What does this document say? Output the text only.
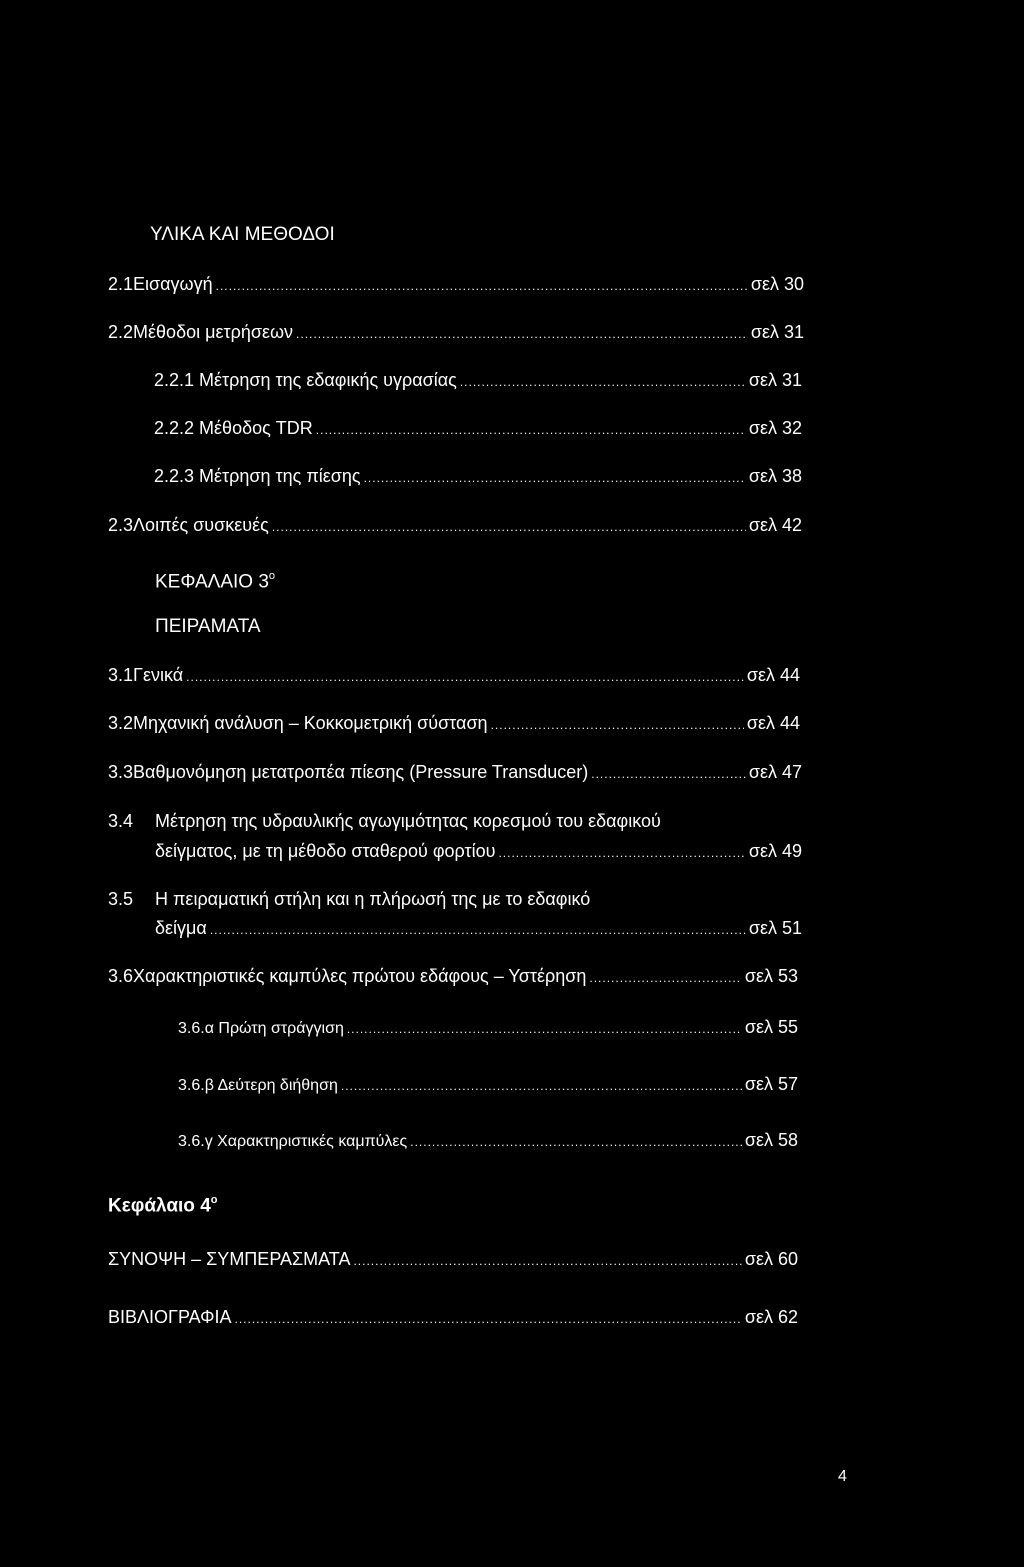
ΥΛΙΚΑ ΚΑΙ ΜΕΘΟΔΟΙ
2.1 Εισαγωγή .....	σελ 30
2.2 Μέθοδοι μετρήσεων .....	σελ 31
2.2.1 Μέτρηση της εδαφικής υγρασίας .....	σελ 31
2.2.2 Μέθοδος TDR .....	σελ 32
2.2.3 Μέτρηση της πίεσης .....	σελ 38
2.3 Λοιπές συσκευές .....	σελ 42
ΚΕΦΑΛΑΙΟ $3^o$
ΠΕΙΡΑΜΑΤΑ
3.1 Γενικά .....	σελ 44
3.2 Μηχανική ανάλυση – Κοκκομετρική σύσταση .....	σελ 44
3.3 Βαθμονόμηση μετατροπέα πίεσης (Pressure Transducer) .....	σελ 47
3.4 Μέτρηση της υδραυλικής αγωγιμότητας κορεσμού του εδαφικού
δείγματος, με τη μέθοδο σταθερού φορτίου .....	σελ 49
3.5 Η πειραματική στήλη και η πλήρωσή της με το εδαφικό
δείγμα .....	σελ 51
3.6 Χαρακτηριστικές καμπύλες πρώτου εδάφους – Υστέρηση .....	σελ 53
3.6.α Πρώτη στράγγιση .....	σελ 55
3.6.β Δεύτερη διήθηση .....	σελ 57
3.6.γ Χαρακτηριστικές καμπύλες .....	σελ 58
Κεφάλαιο $4^o$
ΣΥΝΟΨΗ – ΣΥΜΠΕΡΑΣΜΑΤΑ .....	σελ 60
ΒΙΒΛΙΟΓΡΑΦΙΑ .....	σελ 62
4
